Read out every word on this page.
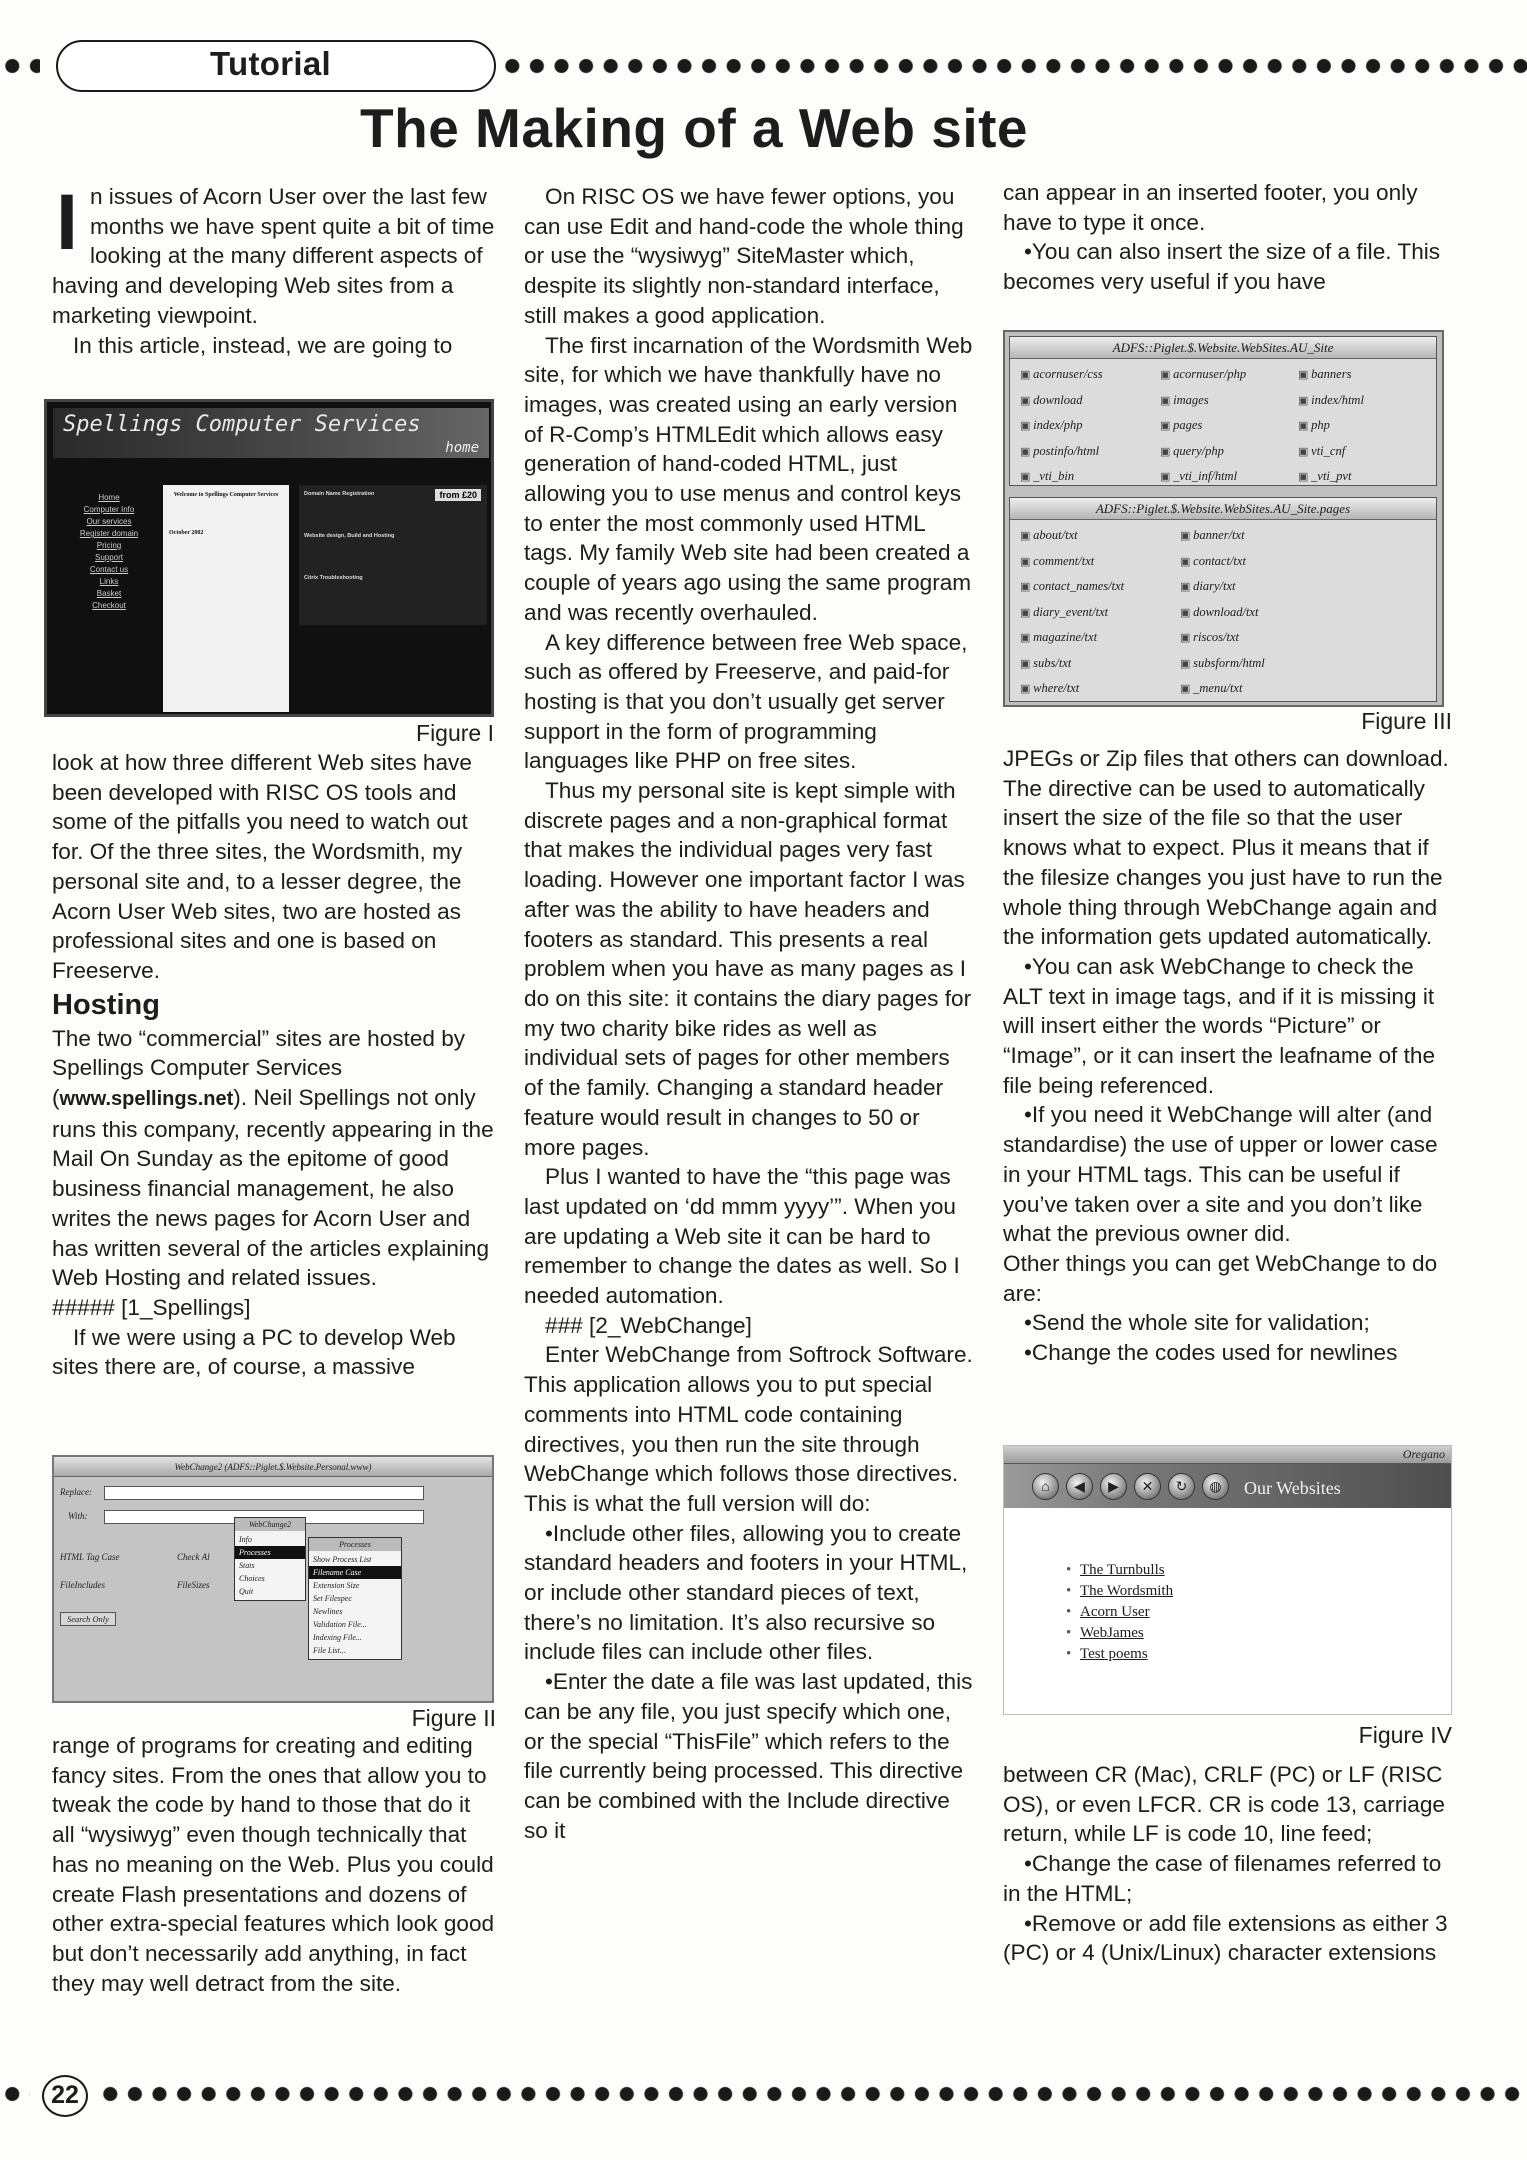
Tutorial
The Making of a Web site

In issues of Acorn User over the last few months we have spent quite a bit of time looking at the many different aspects of having and developing Web sites from a marketing viewpoint.

In this article, instead, we are going to

Spellings Computer Services
home
Home
Computer Info
Our services
Register domain
Pricing
Support
Contact us
Links
Basket
Checkout
Welcome to Spellings Computer Services
October 2002
from £20
Domain Name Registration
Website design, Build and Hosting
Citrix Troubleshooting
Figure I

look at how three different Web sites have been developed with RISC OS tools and some of the pitfalls you need to watch out for. Of the three sites, the Wordsmith, my personal site and, to a lesser degree, the Acorn User Web sites, two are hosted as professional sites and one is based on Freeserve.

Hosting

The two “commercial” sites are hosted by Spellings Computer Services (www.spellings.net). Neil Spellings not only runs this company, recently appearing in the Mail On Sunday as the epitome of good business financial management, he also writes the news pages for Acorn User and has written several of the articles explaining Web Hosting and related issues.

##### [1_Spellings]

If we were using a PC to develop Web sites there are, of course, a massive

WebChange2 (ADFS::Piglet.$.Website.Personal.www)
Replace:
With:
HTML Tag Case
FileIncludes
Check Al
FileSizes
Search Only
WebChange2
Info
Processes
Stats
Choices
Quit
Processes
Show Process List
Filename Case
Extension Size
Set Filespec
Newlines
Validation File...
Indexing File...
File List...
Figure II

range of programs for creating and editing fancy sites. From the ones that allow you to tweak the code by hand to those that do it all “wysiwyg” even though technically that has no meaning on the Web. Plus you could create Flash presentations and dozens of other extra-special features which look good but don’t necessarily add anything, in fact they may well detract from the site.

On RISC OS we have fewer options, you can use Edit and hand-code the whole thing or use the “wysiwyg” SiteMaster which, despite its slightly non-standard interface, still makes a good application.

The first incarnation of the Wordsmith Web site, for which we have thankfully have no images, was created using an early version of R-Comp’s HTMLEdit which allows easy generation of hand-coded HTML, just allowing you to use menus and control keys to enter the most commonly used HTML tags. My family Web site had been created a couple of years ago using the same program and was recently overhauled.

A key difference between free Web space, such as offered by Freeserve, and paid-for hosting is that you don’t usually get server support in the form of programming languages like PHP on free sites.

Thus my personal site is kept simple with discrete pages and a non-graphical format that makes the individual pages very fast loading. However one important factor I was after was the ability to have headers and footers as standard. This presents a real problem when you have as many pages as I do on this site: it contains the diary pages for my two charity bike rides as well as individual sets of pages for other members of the family. Changing a standard header feature would result in changes to 50 or more pages.

Plus I wanted to have the “this page was last updated on ‘dd mmm yyyy’”. When you are updating a Web site it can be hard to remember to change the dates as well. So I needed automation.

### [2_WebChange]

Enter WebChange from Softrock Software. This application allows you to put special comments into HTML code containing directives, you then run the site through WebChange which follows those directives. This is what the full version will do:

•Include other files, allowing you to create standard headers and footers in your HTML, or include other standard pieces of text, there’s no limitation. It’s also recursive so include files can include other files.

•Enter the date a file was last updated, this can be any file, you just specify which one, or the special “ThisFile” which refers to the file currently being processed. This directive can be combined with the Include directive so it

can appear in an inserted footer, you only have to type it once.

•You can also insert the size of a file. This becomes very useful if you have

ADFS::Piglet.$.Website.WebSites.AU_Site
▣ acornuser/css	▣ acornuser/php	▣ banners
▣ download	▣ images	▣ index/html
▣ index/php	▣ pages	▣ php
▣ postinfo/html	▣ query/php	▣ vti_cnf
▣ _vti_bin	▣ _vti_inf/html	▣ _vti_pvt
ADFS::Piglet.$.Website.WebSites.AU_Site.pages
▣ about/txt	▣ banner/txt
▣ comment/txt	▣ contact/txt
▣ contact_names/txt	▣ diary/txt
▣ diary_event/txt	▣ download/txt
▣ magazine/txt	▣ riscos/txt
▣ subs/txt	▣ subsform/html
▣ where/txt	▣ _menu/txt
Figure III

JPEGs or Zip files that others can download. The directive can be used to automatically insert the size of the file so that the user knows what to expect. Plus it means that if the filesize changes you just have to run the whole thing through WebChange again and the information gets updated automatically.

•You can ask WebChange to check the ALT text in image tags, and if it is missing it will insert either the words “Picture” or “Image”, or it can insert the leafname of the file being referenced.

•If you need it WebChange will alter (and standardise) the use of upper or lower case in your HTML tags. This can be useful if you’ve taken over a site and you don’t like what the previous owner did.

Other things you can get WebChange to do are:

•Send the whole site for validation;

•Change the codes used for newlines

Oregano
⌂	◀	▶	✕	↻	◍	Our Websites
• The Turnbulls
• The Wordsmith
• Acorn User
• WebJames
• Test poems
Figure IV

between CR (Mac), CRLF (PC) or LF (RISC OS), or even LFCR. CR is code 13, carriage return, while LF is code 10, line feed;

•Change the case of filenames referred to in the HTML;

•Remove or add file extensions as either 3 (PC) or 4 (Unix/Linux) character extensions

22
